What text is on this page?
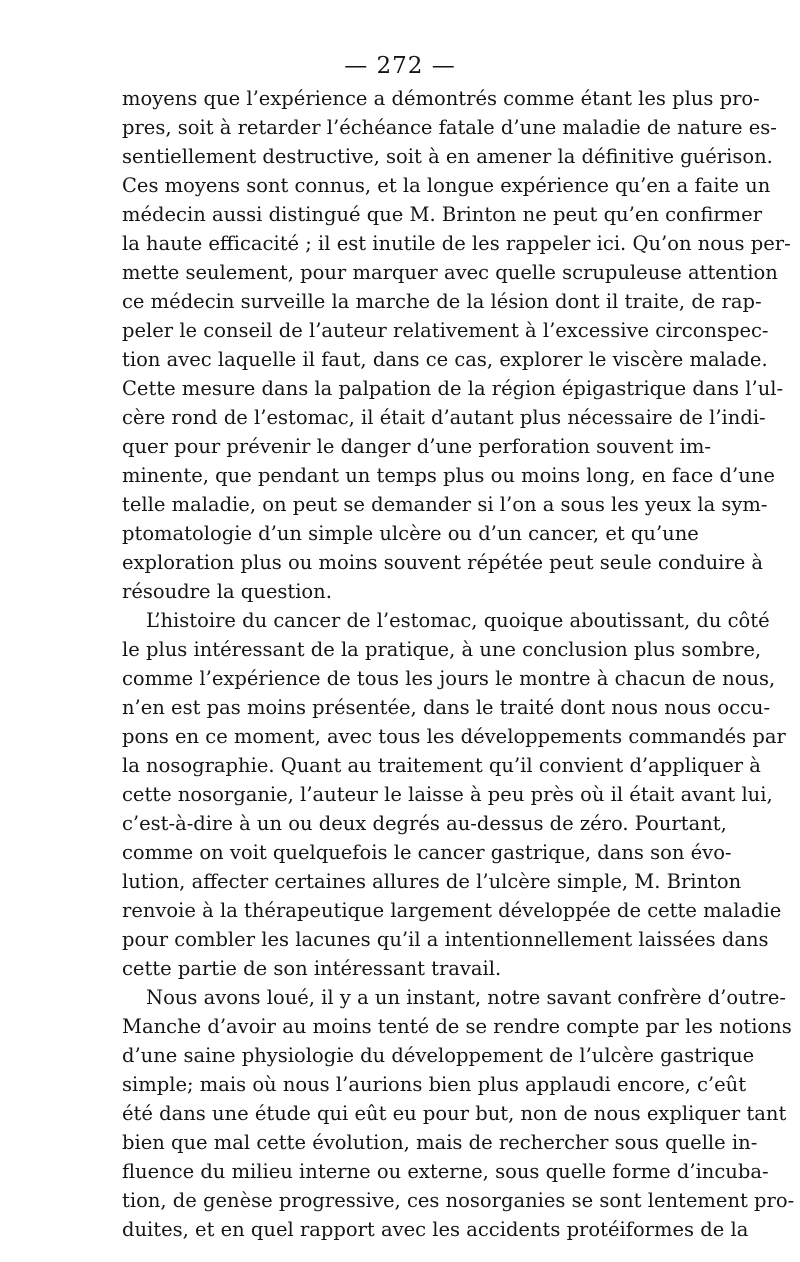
— 272 —
moyens que l’expérience a démontrés comme étant les plus pro-
pres, soit à retarder l’échéance fatale d’une maladie de nature es-
sentiellement destructive, soit à en amener la définitive guérison.
Ces moyens sont connus, et la longue expérience qu’en a faite un
médecin aussi distingué que M. Brinton ne peut qu’en confirmer
la haute efficacité ; il est inutile de les rappeler ici. Qu’on nous per-
mette seulement, pour marquer avec quelle scrupuleuse attention
ce médecin surveille la marche de la lésion dont il traite, de rap-
peler le conseil de l’auteur relativement à l’excessive circonspec-
tion avec laquelle il faut, dans ce cas, explorer le viscère malade.
Cette mesure dans la palpation de la région épigastrique dans l’ul-
cère rond de l’estomac, il était d’autant plus nécessaire de l’indi-
quer pour prévenir le danger d’une perforation souvent im-
minente, que pendant un temps plus ou moins long, en face d’une
telle maladie, on peut se demander si l’on a sous les yeux la sym-
ptomatologie d’un simple ulcère ou d’un cancer, et qu’une
exploration plus ou moins souvent répétée peut seule conduire à
résoudre la question.
L’histoire du cancer de l’estomac, quoique aboutissant, du côté
le plus intéressant de la pratique, à une conclusion plus sombre,
comme l’expérience de tous les jours le montre à chacun de nous,
n’en est pas moins présentée, dans le traité dont nous nous occu-
pons en ce moment, avec tous les développements commandés par
la nosographie. Quant au traitement qu’il convient d’appliquer à
cette nosorganie, l’auteur le laisse à peu près où il était avant lui,
c’est-à-dire à un ou deux degrés au-dessus de zéro. Pourtant,
comme on voit quelquefois le cancer gastrique, dans son évo-
lution, affecter certaines allures de l’ulcère simple, M. Brinton
renvoie à la thérapeutique largement développée de cette maladie
pour combler les lacunes qu’il a intentionnellement laissées dans
cette partie de son intéressant travail.
Nous avons loué, il y a un instant, notre savant confrère d’outre-
Manche d’avoir au moins tenté de se rendre compte par les notions
d’une saine physiologie du développement de l’ulcère gastrique
simple; mais où nous l’aurions bien plus applaudi encore, c’eût
été dans une étude qui eût eu pour but, non de nous expliquer tant
bien que mal cette évolution, mais de rechercher sous quelle in-
fluence du milieu interne ou externe, sous quelle forme d’incuba-
tion, de genèse progressive, ces nosorganies se sont lentement pro-
duites, et en quel rapport avec les accidents protéiformes de la
